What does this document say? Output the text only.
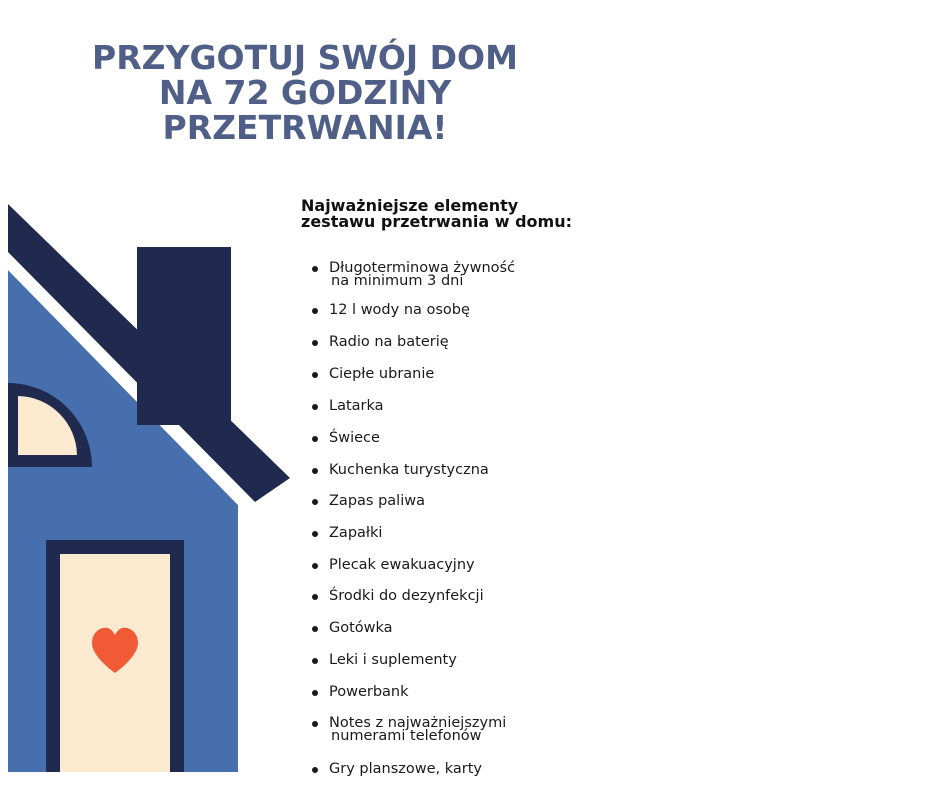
PRZYGOTUJ SWÓJ DOM
NA 72 GODZINY
PRZETRWANIA!
Najważniejsze elementy
zestawu przetrwania w domu:
Długoterminowa żywność
na minimum 3 dni
12 l wody na osobę
Radio na baterię
Ciepłe ubranie
Latarka
Świece
Kuchenka turystyczna
Zapas paliwa
Zapałki
Plecak ewakuacyjny
Środki do dezynfekcji
Gotówka
Leki i suplementy
Powerbank
Notes z najważniejszymi
numerami telefonów
Gry planszowe, karty
